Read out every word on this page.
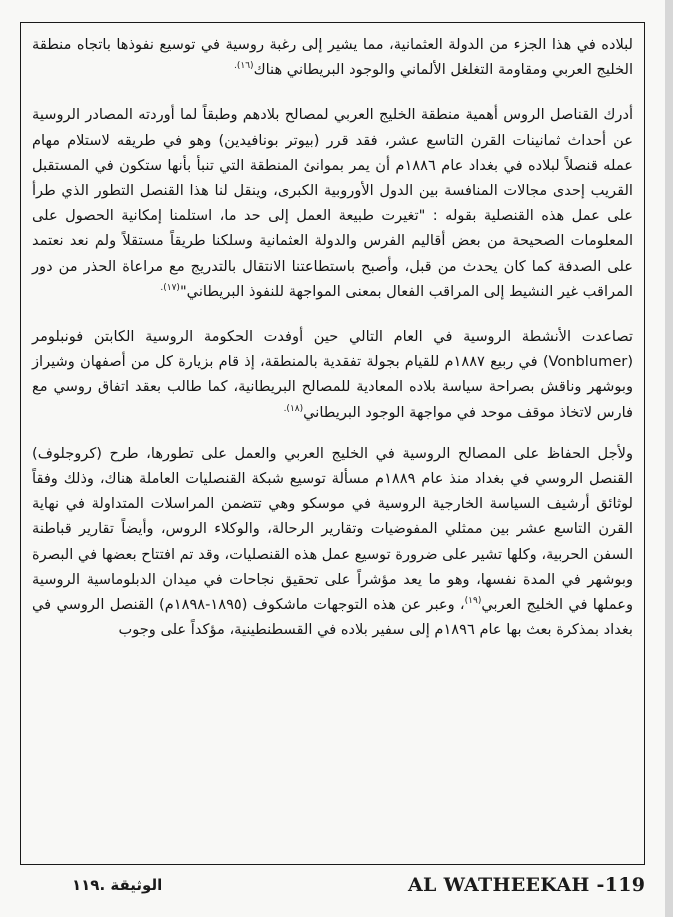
لبلاده في هذا الجزء من الدولة العثمانية، مما يشير إلى رغبة روسية في توسيع نفوذها باتجاه منطقة الخليج العربي ومقاومة التغلغل الألماني والوجود البريطاني هناك$^{(١٦).}$

أدرك القناصل الروس أهمية منطقة الخليج العربي لمصالح بلادهم وطبقاً لما أوردته المصادر الروسية عن أحداث ثمانينات القرن التاسع عشر، فقد قرر (بيوتر بونافيدين) وهو في طريقه لاستلام مهام عمله قنصلاً لبلاده في بغداد عام ١٨٨٦م أن يمر بموانئ المنطقة التي تنبأ بأنها ستكون في المستقبل القريب إحدى مجالات المنافسة بين الدول الأوروبية الكبرى، وينقل لنا هذا القنصل التطور الذي طرأ على عمل هذه القنصلية بقوله : "تغيرت طبيعة العمل إلى حد ما، استلمنا إمكانية الحصول على المعلومات الصحيحة من بعض أقاليم الفرس والدولة العثمانية وسلكنا طريقاً مستقلاً ولم نعد نعتمد على الصدفة كما كان يحدث من قبل، وأصبح باستطاعتنا الانتقال بالتدريج مع مراعاة الحذر من دور المراقب غير النشيط إلى المراقب الفعال بمعنى المواجهة للنفوذ البريطاني"$^{(١٧).}$

تصاعدت الأنشطة الروسية في العام التالي حين أوفدت الحكومة الروسية الكابتن فونبلومر (Vonblumer) في ربيع ١٨٨٧م للقيام بجولة تفقدية بالمنطقة، إذ قام بزيارة كل من أصفهان وشيراز وبوشهر وناقش بصراحة سياسة بلاده المعادية للمصالح البريطانية، كما طالب بعقد اتفاق روسي مع فارس لاتخاذ موقف موحد في مواجهة الوجود البريطاني$^{(١٨).}$

ولأجل الحفاظ على المصالح الروسية في الخليج العربي والعمل على تطورها، طرح (كروجلوف) القنصل الروسي في بغداد منذ عام ١٨٨٩م مسألة توسيع شبكة القنصليات العاملة هناك، وذلك وفقاً لوثائق أرشيف السياسة الخارجية الروسية في موسكو وهي تتضمن المراسلات المتداولة في نهاية القرن التاسع عشر بين ممثلي المفوضيات وتقارير الرحالة، والوكلاء الروس، وأيضاً تقارير قباطنة السفن الحربية، وكلها تشير على ضرورة توسيع عمل هذه القنصليات، وقد تم افتتاح بعضها في البصرة وبوشهر في المدة نفسها، وهو ما يعد مؤشراً على تحقيق نجاحات في ميدان الدبلوماسية الروسية وعملها في الخليج العربي$^{(١٩)}$، وعبر عن هذه التوجهات ماشكوف (١٨٩٥-١٨٩٨م) القنصل الروسي في بغداد بمذكرة بعث بها عام ١٨٩٦م إلى سفير بلاده في القسطنطينية، مؤكداً على وجوب

الوثيقة .١١٩	AL WATHEEKAH -119
